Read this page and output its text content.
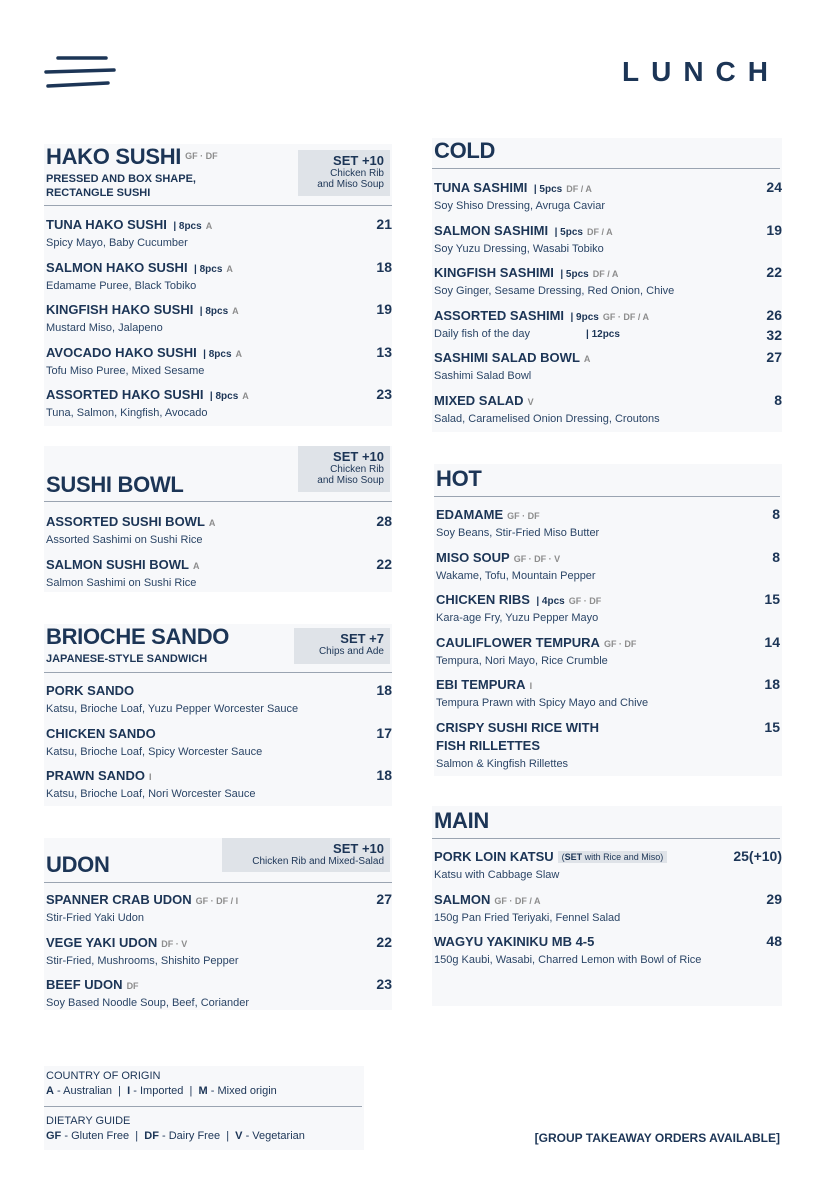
LUNCH
HAKO SUSHI $^{GF \cdot DF}$
PRESSED AND BOX SHAPE,
RECTANGLE SUSHI
SET +10
Chicken Rib
and Miso Soup
TUNA HAKO SUSHI | 8pcs A
Spicy Mayo, Baby Cucumber
21
SALMON HAKO SUSHI | 8pcs A
Edamame Puree, Black Tobiko
18
KINGFISH HAKO SUSHI | 8pcs A
Mustard Miso, Jalapeno
19
AVOCADO HAKO SUSHI | 8pcs A
Tofu Miso Puree, Mixed Sesame
13
ASSORTED HAKO SUSHI | 8pcs A
Tuna, Salmon, Kingfish, Avocado
23
SUSHI BOWL
SET +10
Chicken Rib
and Miso Soup
ASSORTED SUSHI BOWL A
Assorted Sashimi on Sushi Rice
28
SALMON SUSHI BOWL A
Salmon Sashimi on Sushi Rice
22
BRIOCHE SANDO
JAPANESE-STYLE SANDWICH
SET +7
Chips and Ade
PORK SANDO
Katsu, Brioche Loaf, Yuzu Pepper Worcester Sauce
18
CHICKEN SANDO
Katsu, Brioche Loaf, Spicy Worcester Sauce
17
PRAWN SANDO I
Katsu, Brioche Loaf, Nori Worcester Sauce
18
UDON
SET +10
Chicken Rib and Mixed-Salad
SPANNER CRAB UDON GF · DF / I
Stir-Fried Yaki Udon
27
VEGE YAKI UDON DF · V
Stir-Fried, Mushrooms, Shishito Pepper
22
BEEF UDON DF
Soy Based Noodle Soup, Beef, Coriander
23
COLD
TUNA SASHIMI | 5pcs DF / A
Soy Shiso Dressing, Avruga Caviar
24
SALMON SASHIMI | 5pcs DF / A
Soy Yuzu Dressing, Wasabi Tobiko
19
KINGFISH SASHIMI | 5pcs DF / A
Soy Ginger, Sesame Dressing, Red Onion, Chive
22
ASSORTED SASHIMI | 9pcs GF · DF / A
Daily fish of the day	| 12pcs
26
32
SASHIMI SALAD BOWL A
Sashimi Salad Bowl
27
MIXED SALAD V
Salad, Caramelised Onion Dressing, Croutons
8
HOT
EDAMAME GF · DF
Soy Beans, Stir-Fried Miso Butter
8
MISO SOUP GF · DF · V
Wakame, Tofu, Mountain Pepper
8
CHICKEN RIBS | 4pcs GF · DF
Kara-age Fry, Yuzu Pepper Mayo
15
CAULIFLOWER TEMPURA GF · DF
Tempura, Nori Mayo, Rice Crumble
14
EBI TEMPURA I
Tempura Prawn with Spicy Mayo and Chive
18
CRISPY SUSHI RICE WITH
FISH RILLETTES
Salmon & Kingfish Rillettes
15
MAIN
PORK LOIN KATSU (SET with Rice and Miso)
Katsu with Cabbage Slaw
25(+10)
SALMON GF · DF / A
150g Pan Fried Teriyaki, Fennel Salad
29
WAGYU YAKINIKU MB 4-5
150g Kaubi, Wasabi, Charred Lemon with Bowl of Rice
48
COUNTRY OF ORIGIN
A - Australian | I - Imported | M - Mixed origin
DIETARY GUIDE
GF - Gluten Free | DF - Dairy Free | V - Vegetarian	[GROUP TAKEAWAY ORDERS AVAILABLE]
